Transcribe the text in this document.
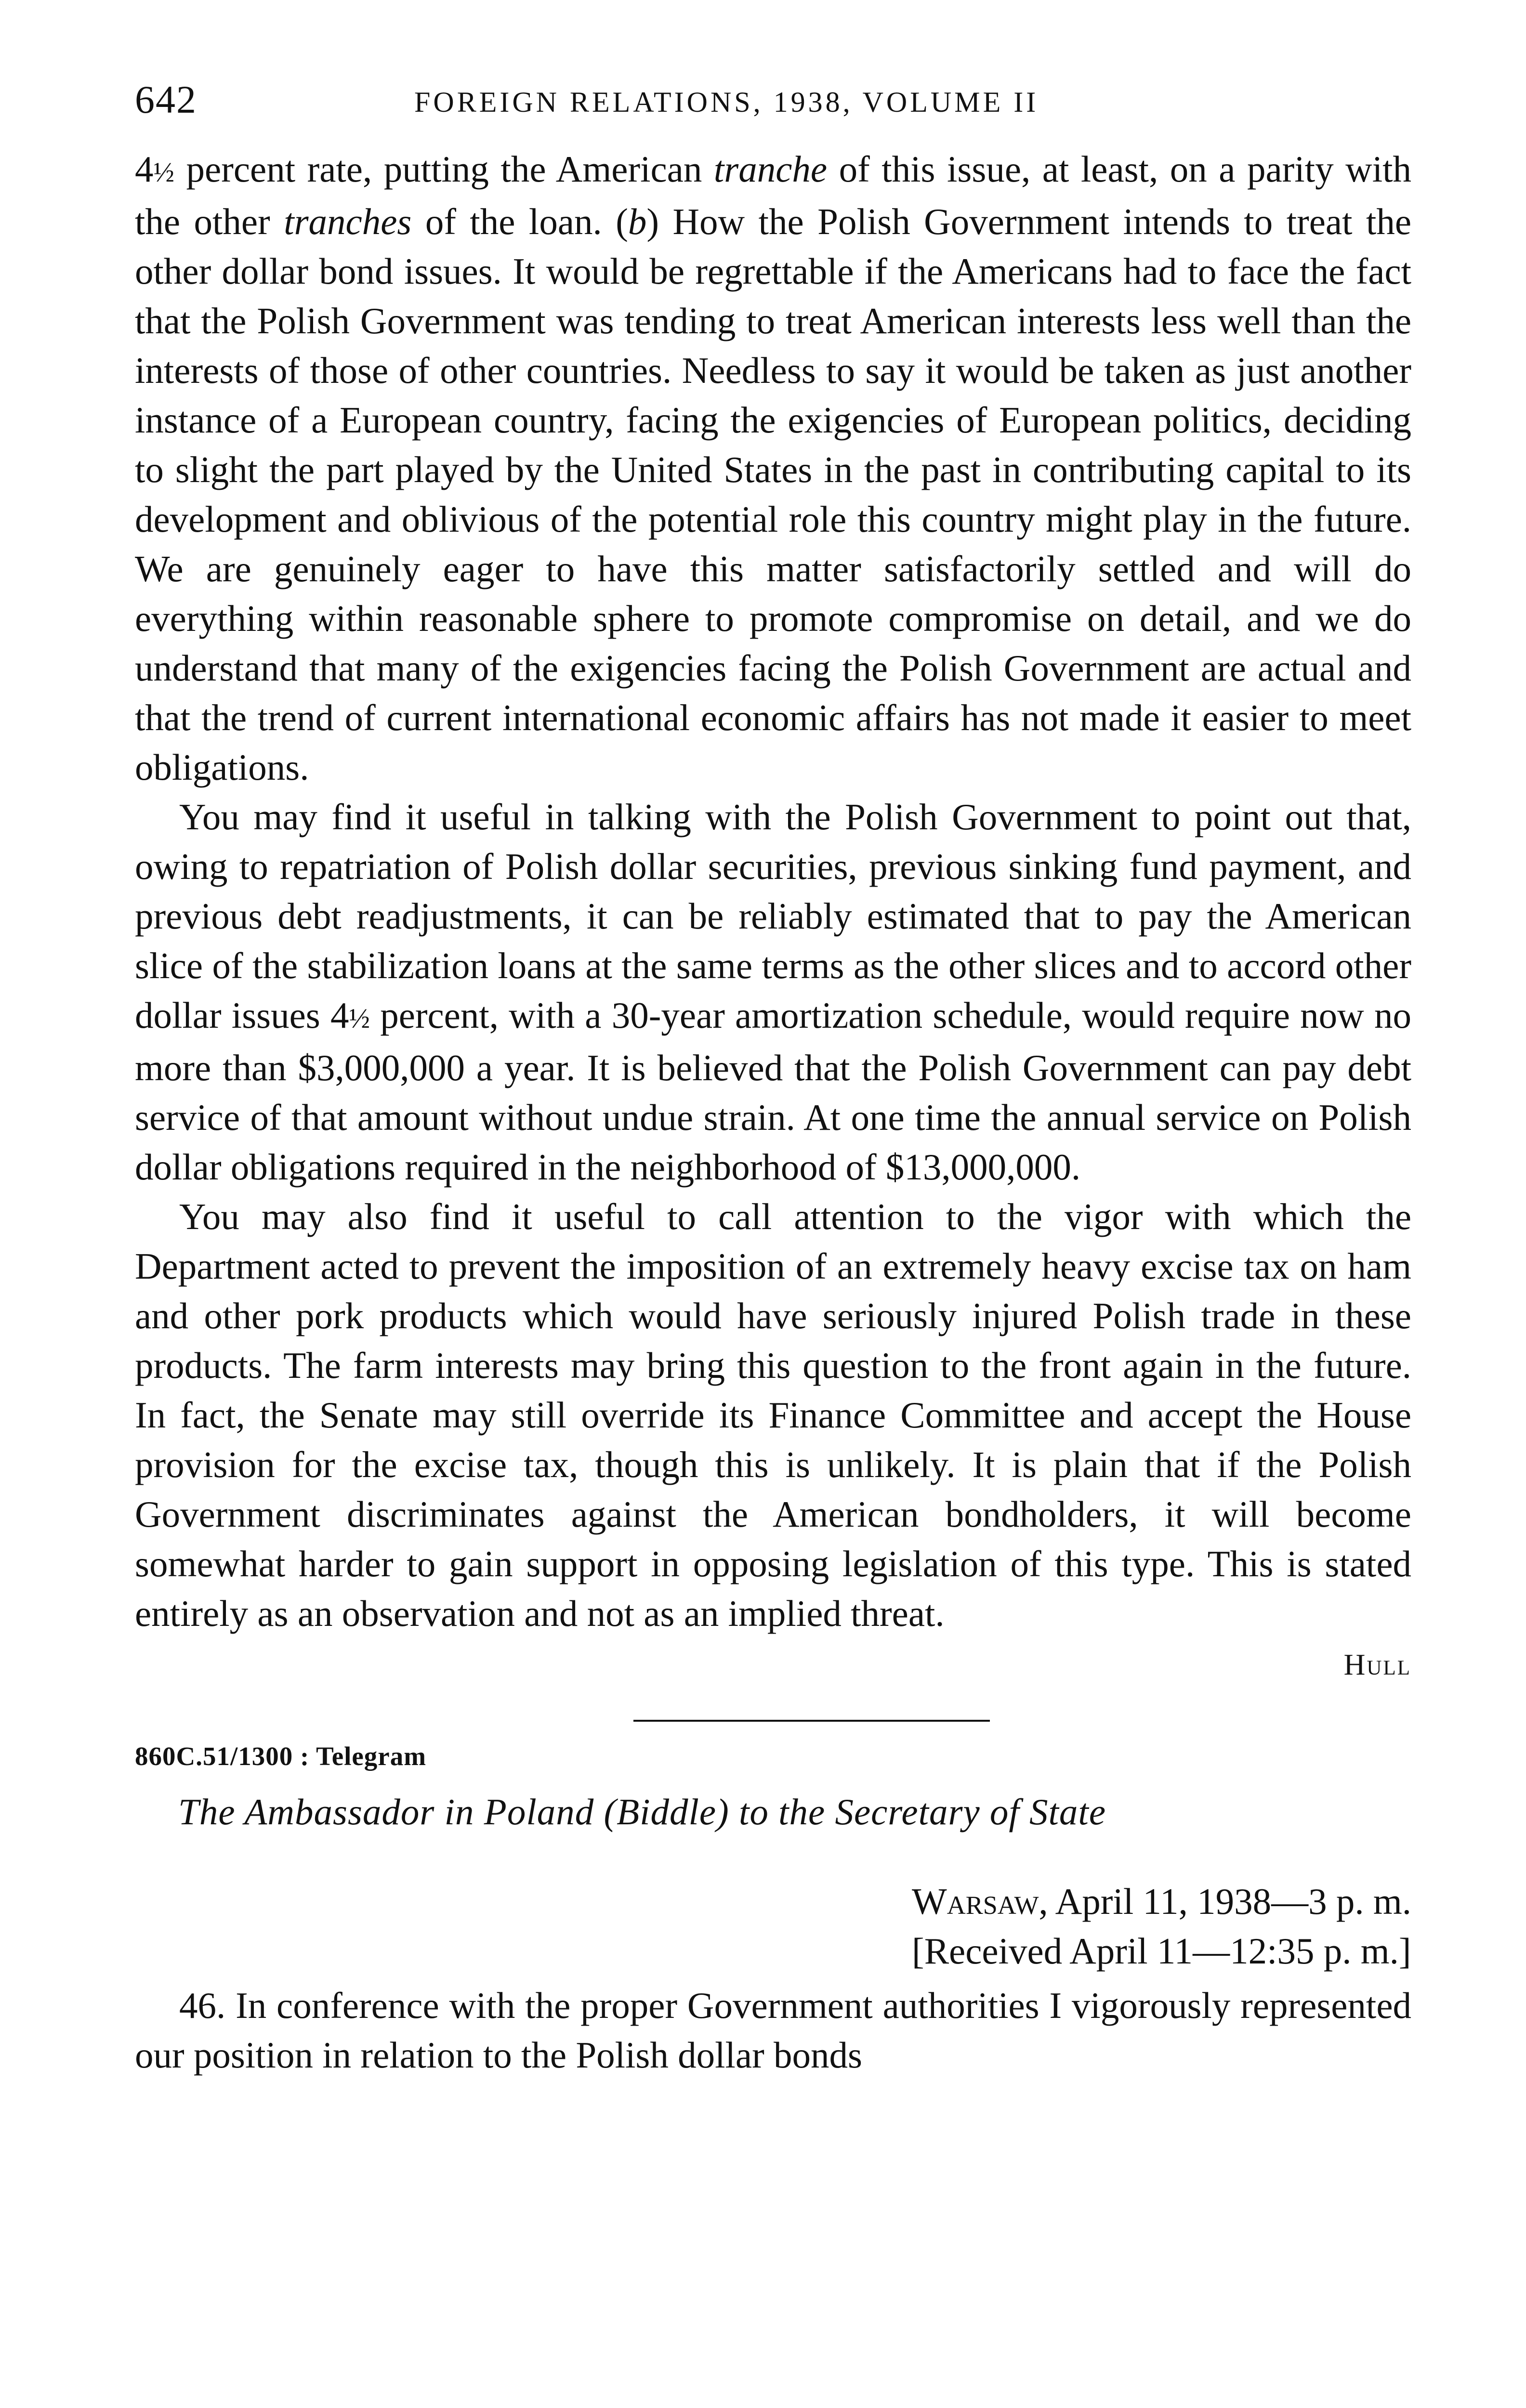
642	FOREIGN RELATIONS, 1938, VOLUME II

4½ percent rate, putting the American tranche of this issue, at least, on a parity with the other tranches of the loan. (b) How the Polish Government intends to treat the other dollar bond issues. It would be regrettable if the Americans had to face the fact that the Polish Government was tending to treat American interests less well than the interests of those of other countries. Needless to say it would be taken as just another instance of a European country, facing the exigencies of European politics, deciding to slight the part played by the United States in the past in contributing capital to its development and oblivious of the potential role this country might play in the future. We are genuinely eager to have this matter satisfactorily settled and will do everything within reasonable sphere to promote compromise on detail, and we do understand that many of the exigencies facing the Polish Government are actual and that the trend of current international economic affairs has not made it easier to meet obligations.

You may find it useful in talking with the Polish Government to point out that, owing to repatriation of Polish dollar securities, previous sinking fund payment, and previous debt readjustments, it can be reliably estimated that to pay the American slice of the stabilization loans at the same terms as the other slices and to accord other dollar issues 4½ percent, with a 30-year amortization schedule, would require now no more than $3,000,000 a year. It is believed that the Polish Government can pay debt service of that amount without undue strain. At one time the annual service on Polish dollar obligations required in the neighborhood of $13,000,000.

You may also find it useful to call attention to the vigor with which the Department acted to prevent the imposition of an extremely heavy excise tax on ham and other pork products which would have seriously injured Polish trade in these products. The farm interests may bring this question to the front again in the future. In fact, the Senate may still override its Finance Committee and accept the House provision for the excise tax, though this is unlikely. It is plain that if the Polish Government discriminates against the American bondholders, it will become somewhat harder to gain support in opposing legislation of this type. This is stated entirely as an observation and not as an implied threat.

Hull
860C.51/1300 : Telegram
The Ambassador in Poland (Biddle) to the Secretary of State
Warsaw, April 11, 1938—3 p. m.
[Received April 11—12:35 p. m.]

46. In conference with the proper Government authorities I vigorously represented our position in relation to the Polish dollar bonds
